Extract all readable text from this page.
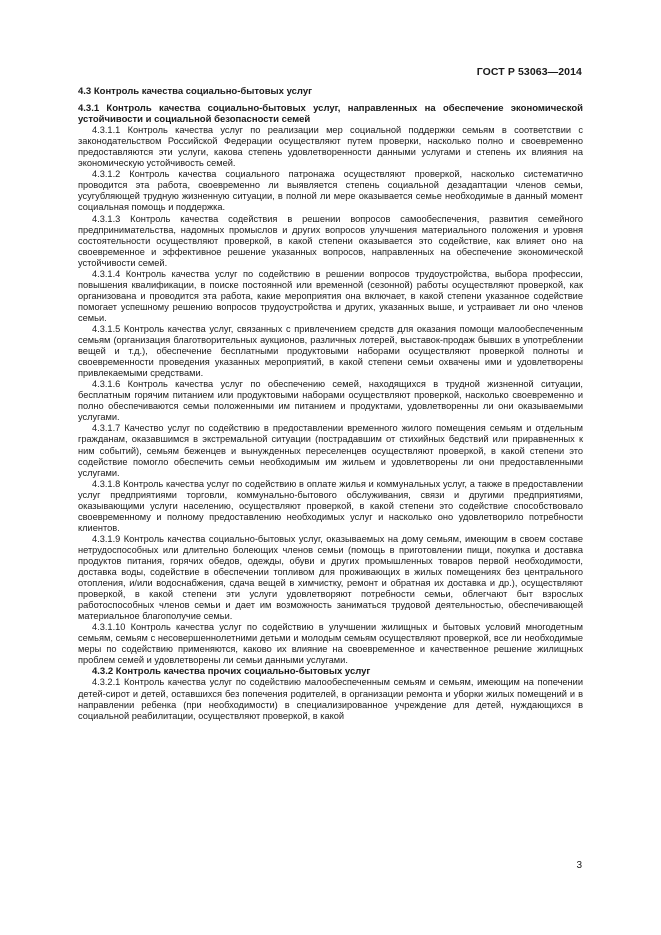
ГОСТ Р 53063—2014

4.3 Контроль качества социально-бытовых услуг

4.3.1 Контроль качества социально-бытовых услуг, направленных на обеспечение экономической устойчивости и социальной безопасности семей

4.3.1.1 Контроль качества услуг по реализации мер социальной поддержки семьям в соответствии с законодательством Российской Федерации осуществляют путем проверки, насколько полно и своевременно предоставляются эти услуги, какова степень удовлетворенности данными услугами и степень их влияния на экономическую устойчивость семей.

4.3.1.2 Контроль качества социального патронажа осуществляют проверкой, насколько систематично проводится эта работа, своевременно ли выявляется степень социальной дезадаптации членов семьи, усугубляющей трудную жизненную ситуации, в полной ли мере оказывается семье необходимые в данный момент социальная помощь и поддержка.

4.3.1.3 Контроль качества содействия в решении вопросов самообеспечения, развития семейного предпринимательства, надомных промыслов и других вопросов улучшения материального положения и уровня состоятельности осуществляют проверкой, в какой степени оказывается это содействие, как влияет оно на своевременное и эффективное решение указанных вопросов, направленных на обеспечение экономической устойчивости семей.

4.3.1.4 Контроль качества услуг по содействию в решении вопросов трудоустройства, выбора профессии, повышения квалификации, в поиске постоянной или временной (сезонной) работы осуществляют проверкой, как организована и проводится эта работа, какие мероприятия она включает, в какой степени указанное содействие помогает успешному решению вопросов трудоустройства и других, указанных выше, и устраивает ли оно членов семьи.

4.3.1.5 Контроль качества услуг, связанных с привлечением средств для оказания помощи малообеспеченным семьям (организация благотворительных аукционов, различных лотерей, выставок-продаж бывших в употреблении вещей и т.д.), обеспечение бесплатными продуктовыми наборами осуществляют проверкой полноты и своевременности проведения указанных мероприятий, в какой степени семьи охвачены ими и удовлетворены привлекаемыми средствами.

4.3.1.6 Контроль качества услуг по обеспечению семей, находящихся в трудной жизненной ситуации, бесплатным горячим питанием или продуктовыми наборами осуществляют проверкой, насколько своевременно и полно обеспечиваются семьи положенными им питанием и продуктами, удовлетворенны ли они оказываемыми услугами.

4.3.1.7 Качество услуг по содействию в предоставлении временного жилого помещения семьям и отдельным гражданам, оказавшимся в экстремальной ситуации (пострадавшим от стихийных бедствий или приравненных к ним событий), семьям беженцев и вынужденных переселенцев осуществляют проверкой, в какой степени это содействие помогло обеспечить семьи необходимым им жильем и удовлетворены ли они предоставленными услугами.

4.3.1.8 Контроль качества услуг по содействию в оплате жилья и коммунальных услуг, а также в предоставлении услуг предприятиями торговли, коммунально-бытового обслуживания, связи и другими предприятиями, оказывающими услуги населению, осуществляют проверкой, в какой степени это содействие способствовало своевременному и полному предоставлению необходимых услуг и насколько оно удовлетворило потребности клиентов.

4.3.1.9 Контроль качества социально-бытовых услуг, оказываемых на дому семьям, имеющим в своем составе нетрудоспособных или длительно болеющих членов семьи (помощь в приготовлении пищи, покупка и доставка продуктов питания, горячих обедов, одежды, обуви и других промышленных товаров первой необходимости, доставка воды, содействие в обеспечении топливом для проживающих в жилых помещениях без центрального отопления, и/или водоснабжения, сдача вещей в химчистку, ремонт и обратная их доставка и др.), осуществляют проверкой, в какой степени эти услуги удовлетворяют потребности семьи, облегчают быт взрослых работоспособных членов семьи и дает им возможность заниматься трудовой деятельностью, обеспечивающей материальное благополучие семьи.

4.3.1.10 Контроль качества услуг по содействию в улучшении жилищных и бытовых условий многодетным семьям, семьям с несовершеннолетними детьми и молодым семьям осуществляют проверкой, все ли необходимые меры по содействию применяются, каково их влияние на своевременное и качественное решение жилищных проблем семей и удовлетворены ли семьи данными услугами.

4.3.2 Контроль качества прочих социально-бытовых услуг

4.3.2.1 Контроль качества услуг по содействию малообеспеченным семьям и семьям, имеющим на попечении детей-сирот и детей, оставшихся без попечения родителей, в организации ремонта и уборки жилых помещений и в направлении ребенка (при необходимости) в специализированное учреждение для детей, нуждающихся в социальной реабилитации, осуществляют проверкой, в какой

3
